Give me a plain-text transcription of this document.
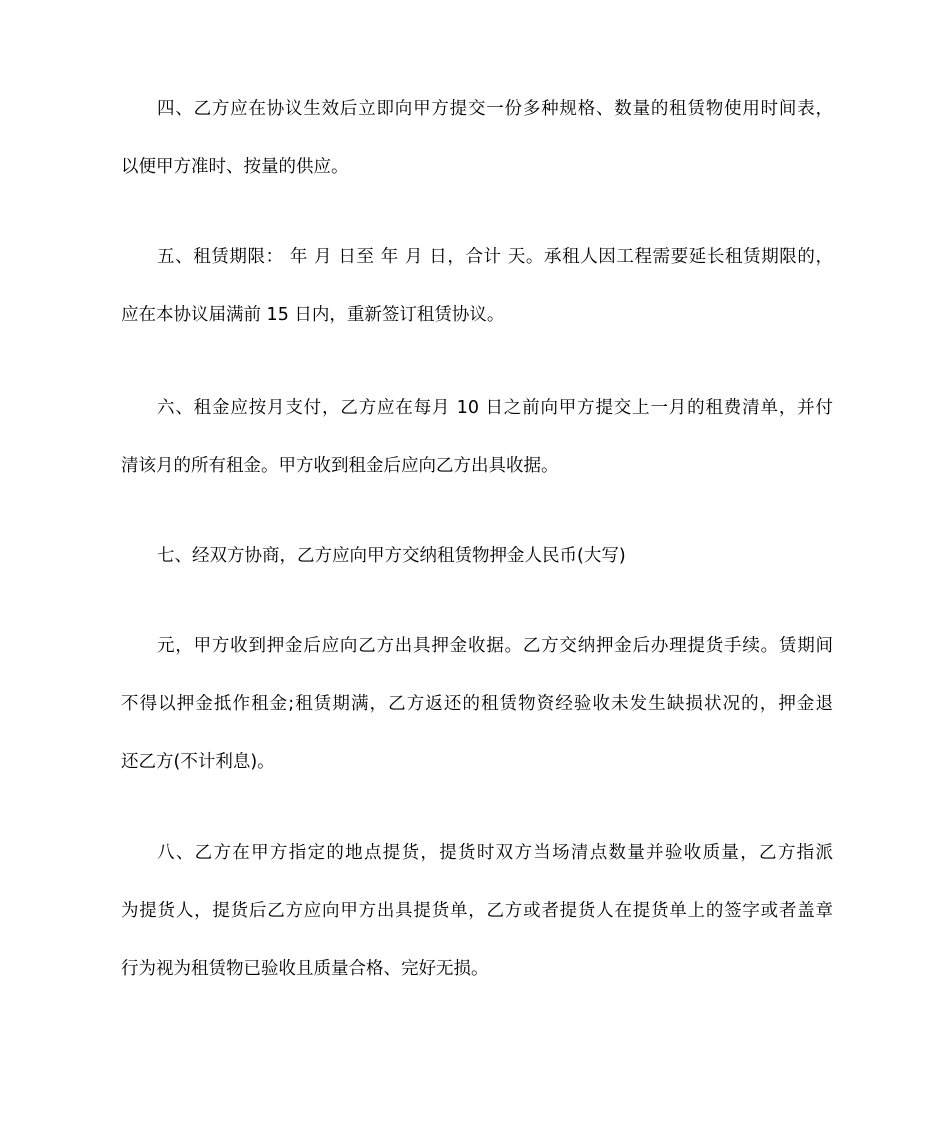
四、乙方应在协议生效后立即向甲方提交一份多种规格、数量的租赁物使用时间表，
以便甲方准时、按量的供应。
五、租赁期限： 年 月 日至 年 月 日，合计 天。承租人因工程需要延长租赁期限的，
应在本协议届满前 15 日内，重新签订租赁协议。
六、租金应按月支付，乙方应在每月 10 日之前向甲方提交上一月的租费清单，并付
清该月的所有租金。甲方收到租金后应向乙方出具收据。
七、经双方协商，乙方应向甲方交纳租赁物押金人民币(大写)
元，甲方收到押金后应向乙方出具押金收据。乙方交纳押金后办理提货手续。赁期间
不得以押金抵作租金;租赁期满，乙方返还的租赁物资经验收未发生缺损状况的，押金退
还乙方(不计利息)。
八、乙方在甲方指定的地点提货，提货时双方当场清点数量并验收质量，乙方指派
为提货人，提货后乙方应向甲方出具提货单，乙方或者提货人在提货单上的签字或者盖章
行为视为租赁物已验收且质量合格、完好无损。
